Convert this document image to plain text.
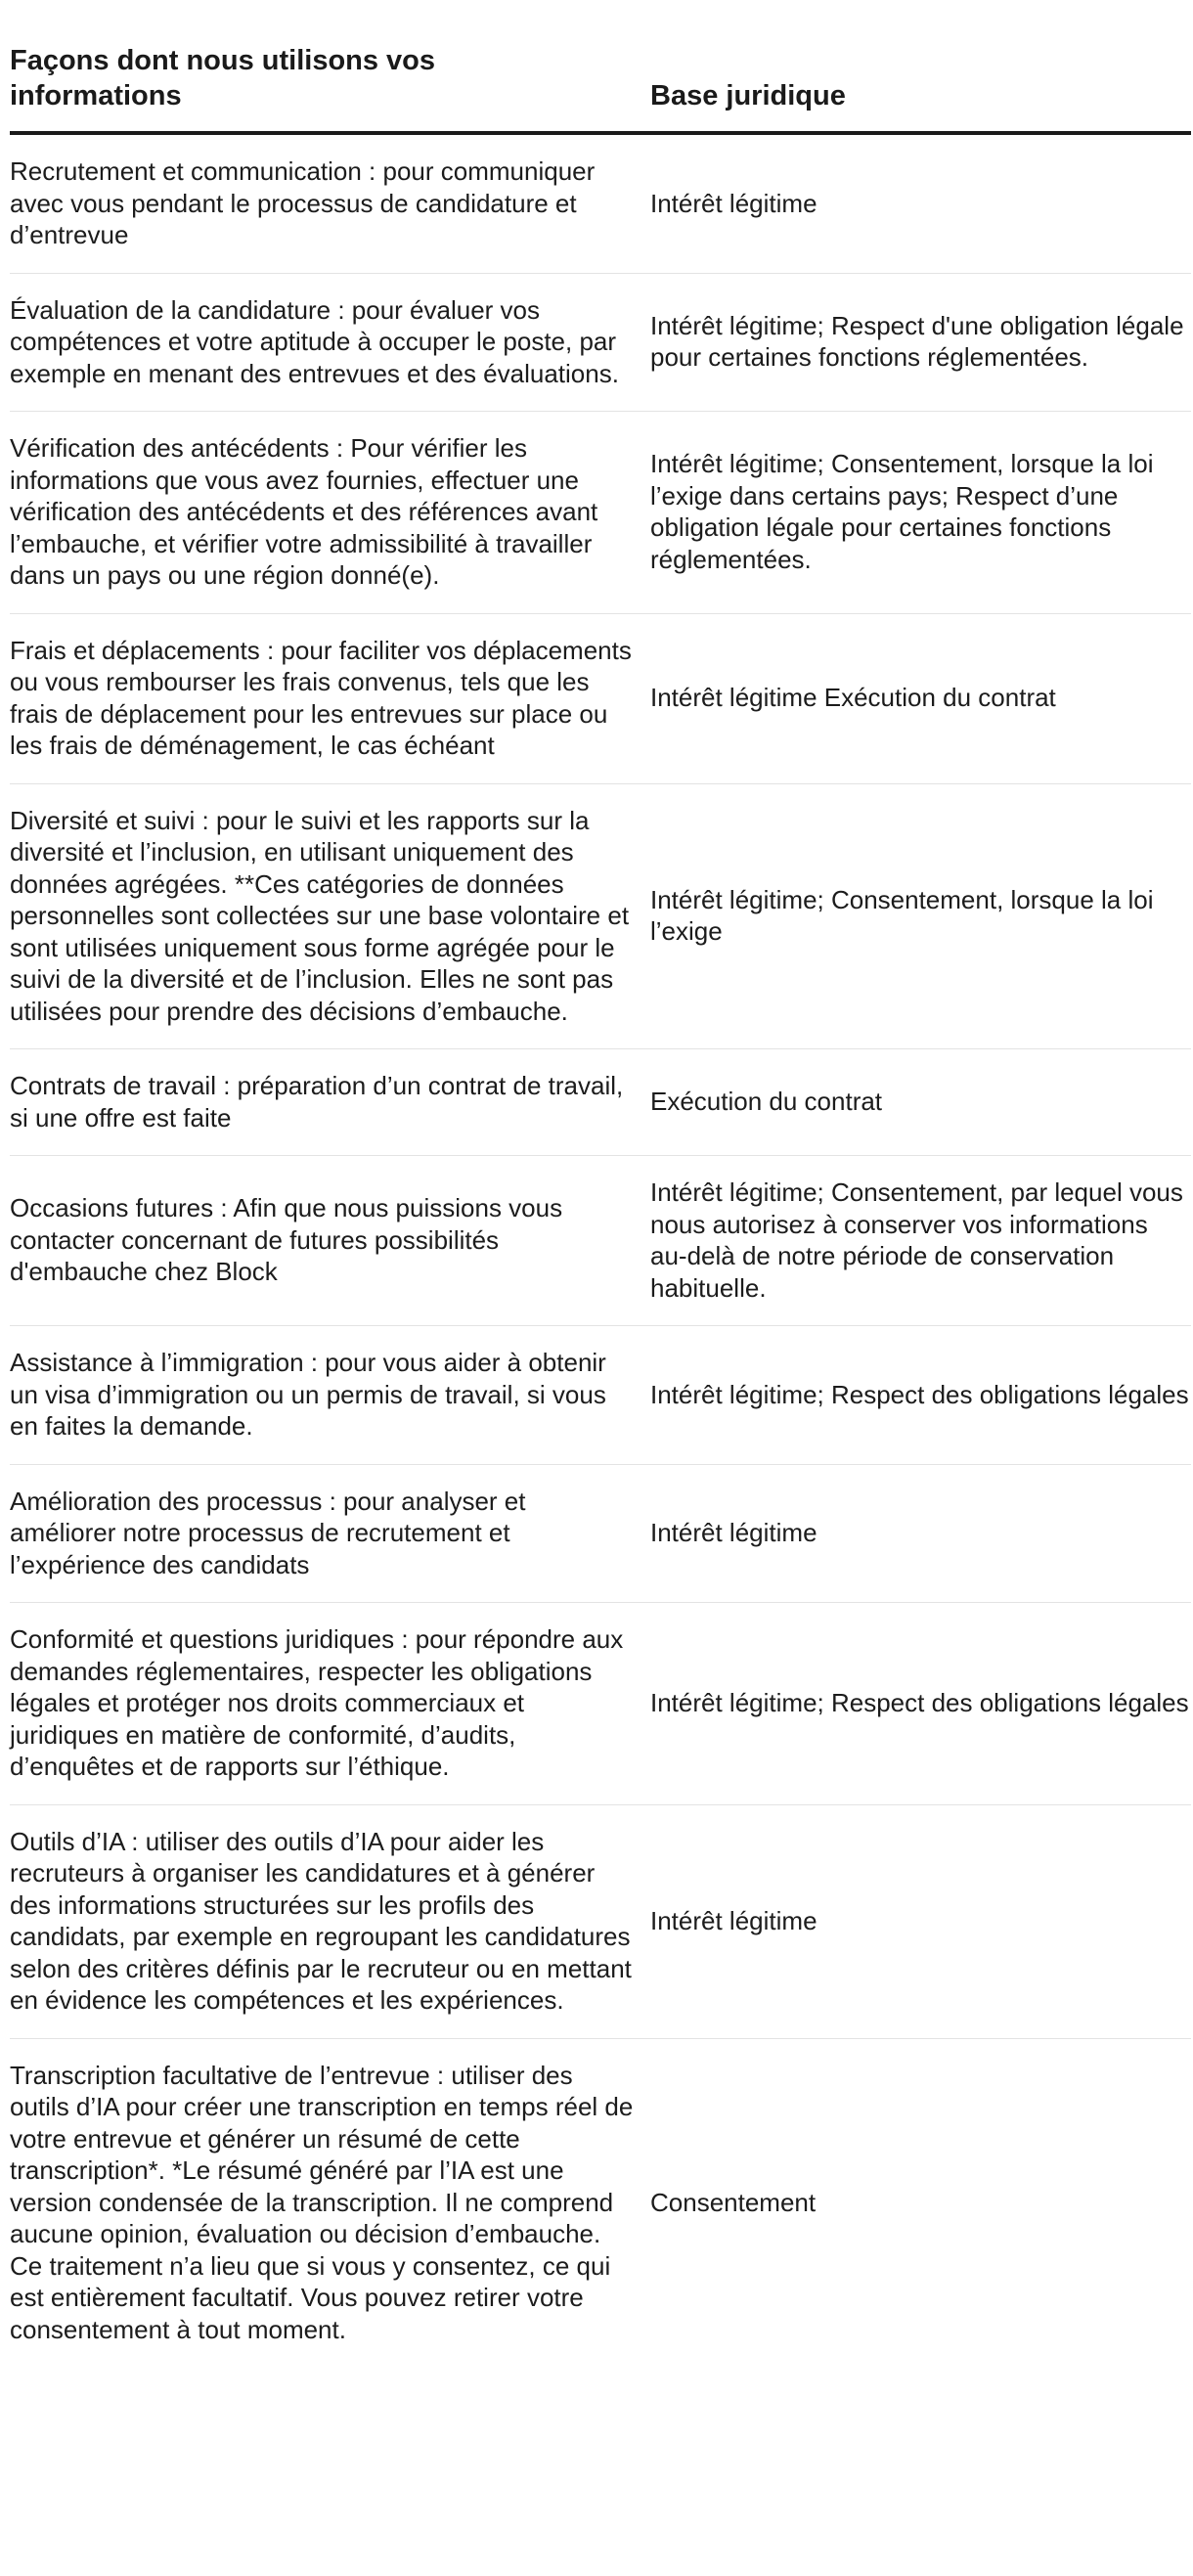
Façons dont nous utilisons vos informations	Base juridique
Recrutement et communication : pour communiquer avec vous pendant le processus de candidature et d’entrevue	Intérêt légitime
Évaluation de la candidature : pour évaluer vos compétences et votre aptitude à occuper le poste, par exemple en menant des entrevues et des évaluations.	Intérêt légitime; Respect d'une obligation légale pour certaines fonctions réglementées.
Vérification des antécédents : Pour vérifier les informations que vous avez fournies, effectuer une vérification des antécédents et des références avant l’embauche, et vérifier votre admissibilité à travailler dans un pays ou une région donné(e).	Intérêt légitime; Consentement, lorsque la loi l’exige dans certains pays; Respect d’une obligation légale pour certaines fonctions réglementées.
Frais et déplacements : pour faciliter vos déplacements ou vous rembourser les frais convenus, tels que les frais de déplacement pour les entrevues sur place ou les frais de déménagement, le cas échéant	Intérêt légitime Exécution du contrat
Diversité et suivi : pour le suivi et les rapports sur la diversité et l’inclusion, en utilisant uniquement des données agrégées. **Ces catégories de données personnelles sont collectées sur une base volontaire et sont utilisées uniquement sous forme agrégée pour le suivi de la diversité et de l’inclusion. Elles ne sont pas utilisées pour prendre des décisions d’embauche.	Intérêt légitime; Consentement, lorsque la loi l’exige
Contrats de travail : préparation d’un contrat de travail, si une offre est faite	Exécution du contrat
Occasions futures : Afin que nous puissions vous contacter concernant de futures possibilités d'embauche chez Block	Intérêt légitime; Consentement, par lequel vous nous autorisez à conserver vos informations au-delà de notre période de conservation habituelle.
Assistance à l’immigration : pour vous aider à obtenir un visa d’immigration ou un permis de travail, si vous en faites la demande.	Intérêt légitime; Respect des obligations légales
Amélioration des processus : pour analyser et améliorer notre processus de recrutement et l’expérience des candidats	Intérêt légitime
Conformité et questions juridiques : pour répondre aux demandes réglementaires, respecter les obligations légales et protéger nos droits commerciaux et juridiques en matière de conformité, d’audits, d’enquêtes et de rapports sur l’éthique.	Intérêt légitime; Respect des obligations légales
Outils d’IA : utiliser des outils d’IA pour aider les recruteurs à organiser les candidatures et à générer des informations structurées sur les profils des candidats, par exemple en regroupant les candidatures selon des critères définis par le recruteur ou en mettant en évidence les compétences et les expériences.	Intérêt légitime
Transcription facultative de l’entrevue : utiliser des outils d’IA pour créer une transcription en temps réel de votre entrevue et générer un résumé de cette transcription*. *Le résumé généré par l’IA est une version condensée de la transcription. Il ne comprend aucune opinion, évaluation ou décision d’embauche. Ce traitement n’a lieu que si vous y consentez, ce qui est entièrement facultatif. Vous pouvez retirer votre consentement à tout moment.	Consentement
